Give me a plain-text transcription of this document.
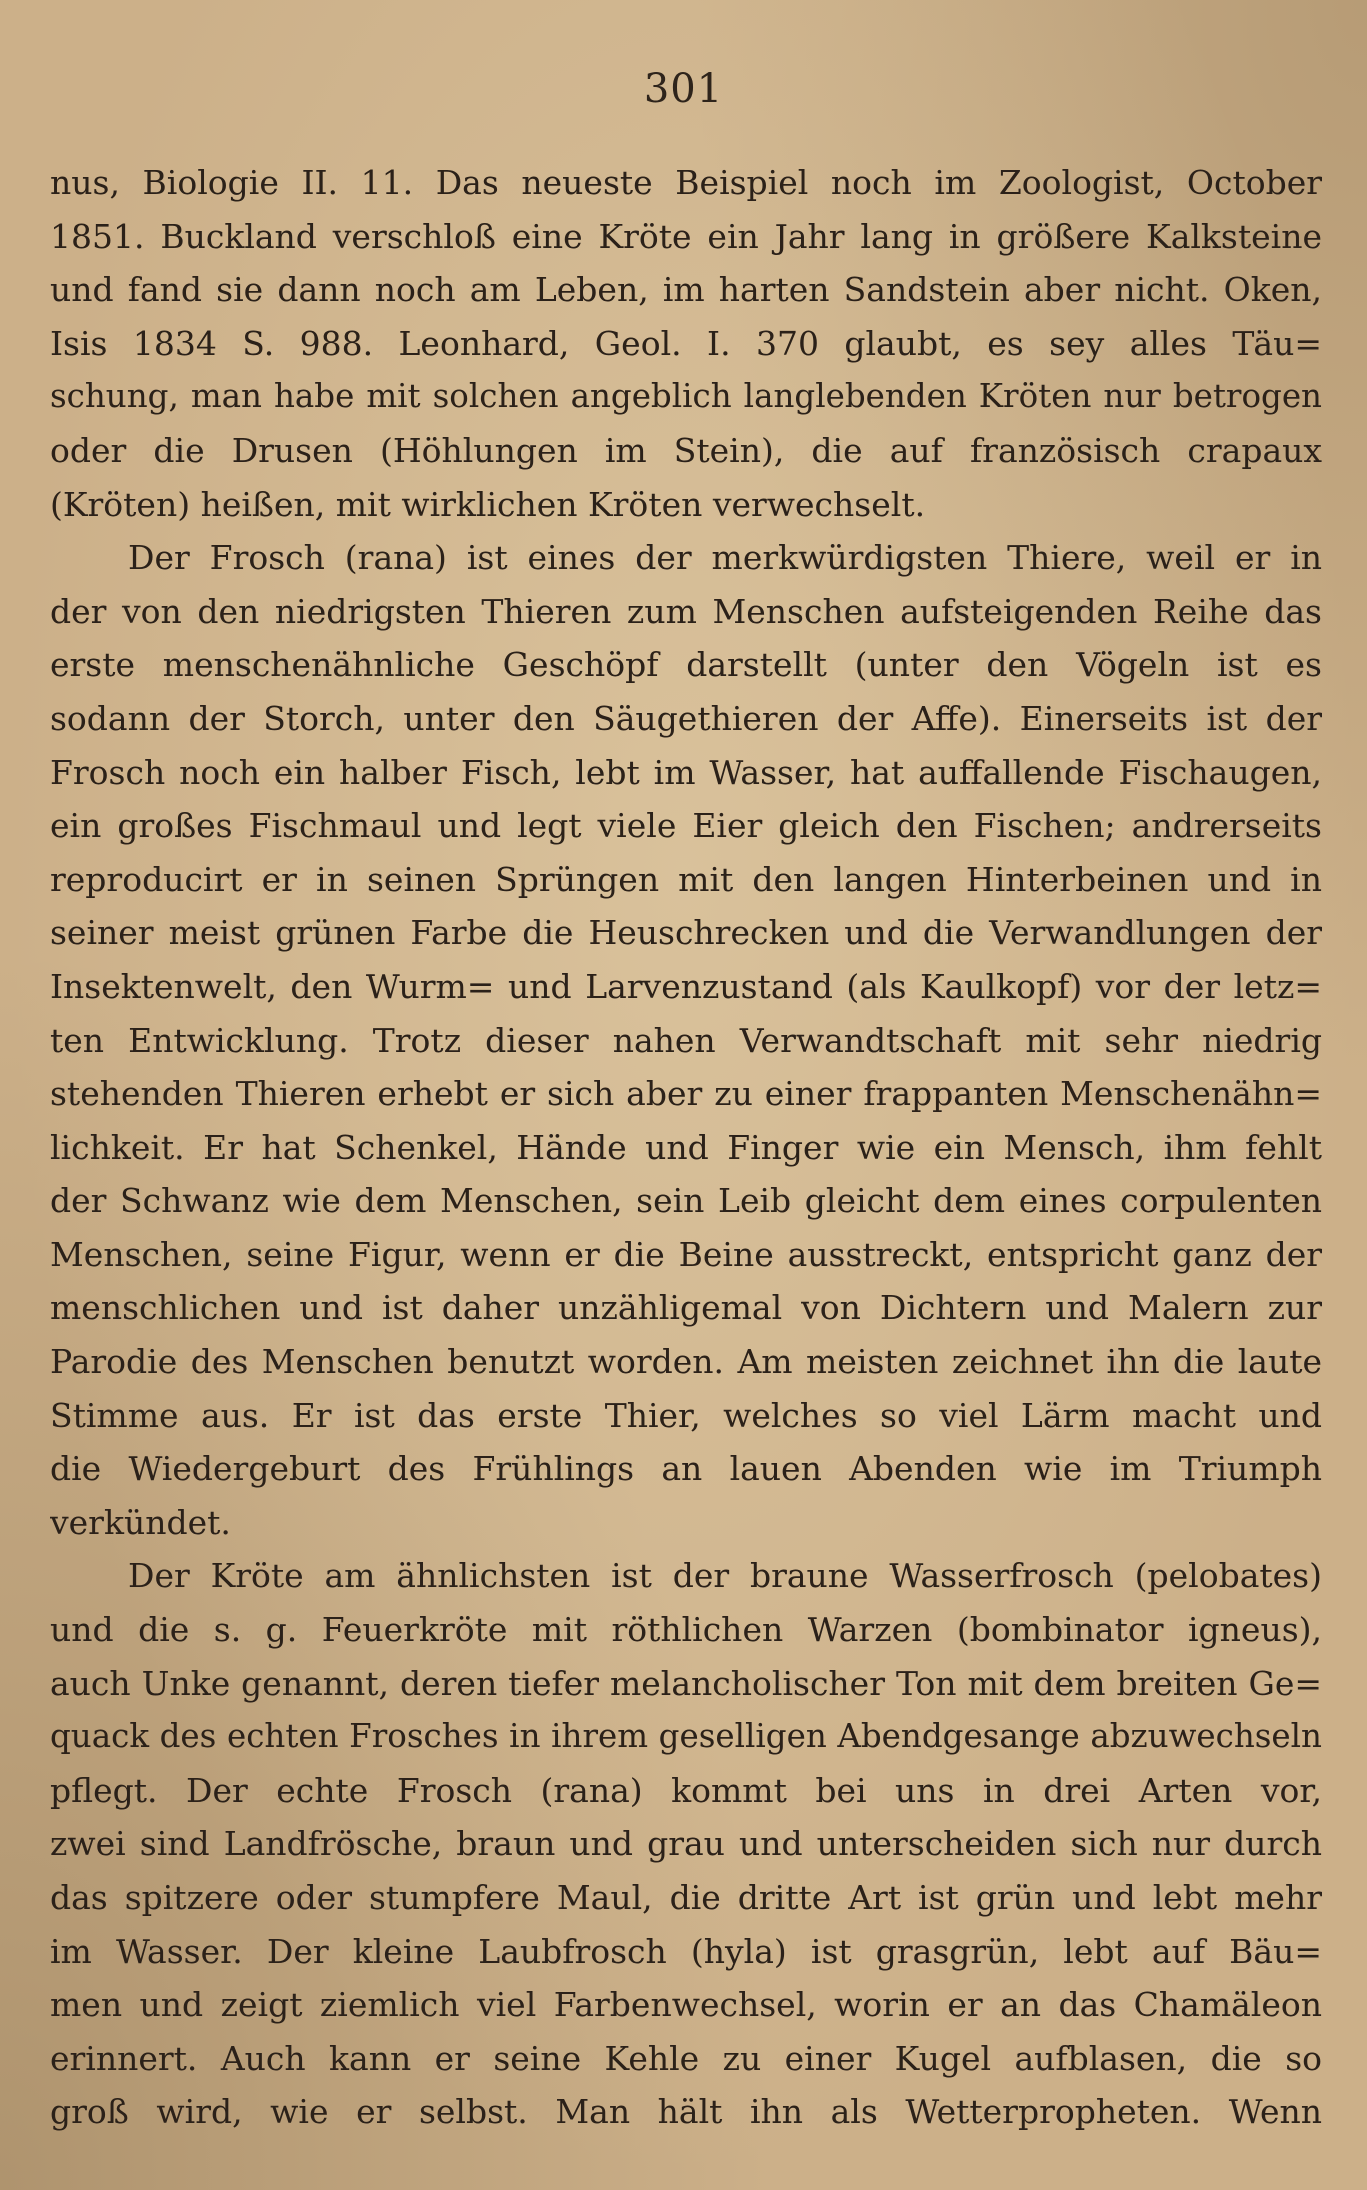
301
nus, Biologie II. 11. Das neueste Beispiel noch im Zoologist, October
1851. Buckland verschloß eine Kröte ein Jahr lang in größere Kalksteine
und fand sie dann noch am Leben, im harten Sandstein aber nicht. Oken,
Isis 1834 S. 988. Leonhard, Geol. I. 370 glaubt, es sey alles Täu=
schung, man habe mit solchen angeblich langlebenden Kröten nur betrogen
oder die Drusen (Höhlungen im Stein), die auf französisch crapaux
(Kröten) heißen, mit wirklichen Kröten verwechselt.
Der Frosch (rana) ist eines der merkwürdigsten Thiere, weil er in
der von den niedrigsten Thieren zum Menschen aufsteigenden Reihe das
erste menschenähnliche Geschöpf darstellt (unter den Vögeln ist es
sodann der Storch, unter den Säugethieren der Affe). Einerseits ist der
Frosch noch ein halber Fisch, lebt im Wasser, hat auffallende Fischaugen,
ein großes Fischmaul und legt viele Eier gleich den Fischen; andrerseits
reproducirt er in seinen Sprüngen mit den langen Hinterbeinen und in
seiner meist grünen Farbe die Heuschrecken und die Verwandlungen der
Insektenwelt, den Wurm= und Larvenzustand (als Kaulkopf) vor der letz=
ten Entwicklung. Trotz dieser nahen Verwandtschaft mit sehr niedrig
stehenden Thieren erhebt er sich aber zu einer frappanten Menschenähn=
lichkeit. Er hat Schenkel, Hände und Finger wie ein Mensch, ihm fehlt
der Schwanz wie dem Menschen, sein Leib gleicht dem eines corpulenten
Menschen, seine Figur, wenn er die Beine ausstreckt, entspricht ganz der
menschlichen und ist daher unzähligemal von Dichtern und Malern zur
Parodie des Menschen benutzt worden. Am meisten zeichnet ihn die laute
Stimme aus. Er ist das erste Thier, welches so viel Lärm macht und
die Wiedergeburt des Frühlings an lauen Abenden wie im Triumph
verkündet.
Der Kröte am ähnlichsten ist der braune Wasserfrosch (pelobates)
und die s. g. Feuerkröte mit röthlichen Warzen (bombinator igneus),
auch Unke genannt, deren tiefer melancholischer Ton mit dem breiten Ge=
quack des echten Frosches in ihrem geselligen Abendgesange abzuwechseln
pflegt. Der echte Frosch (rana) kommt bei uns in drei Arten vor,
zwei sind Landfrösche, braun und grau und unterscheiden sich nur durch
das spitzere oder stumpfere Maul, die dritte Art ist grün und lebt mehr
im Wasser. Der kleine Laubfrosch (hyla) ist grasgrün, lebt auf Bäu=
men und zeigt ziemlich viel Farbenwechsel, worin er an das Chamäleon
erinnert. Auch kann er seine Kehle zu einer Kugel aufblasen, die so
groß wird, wie er selbst. Man hält ihn als Wetterpropheten. Wenn
